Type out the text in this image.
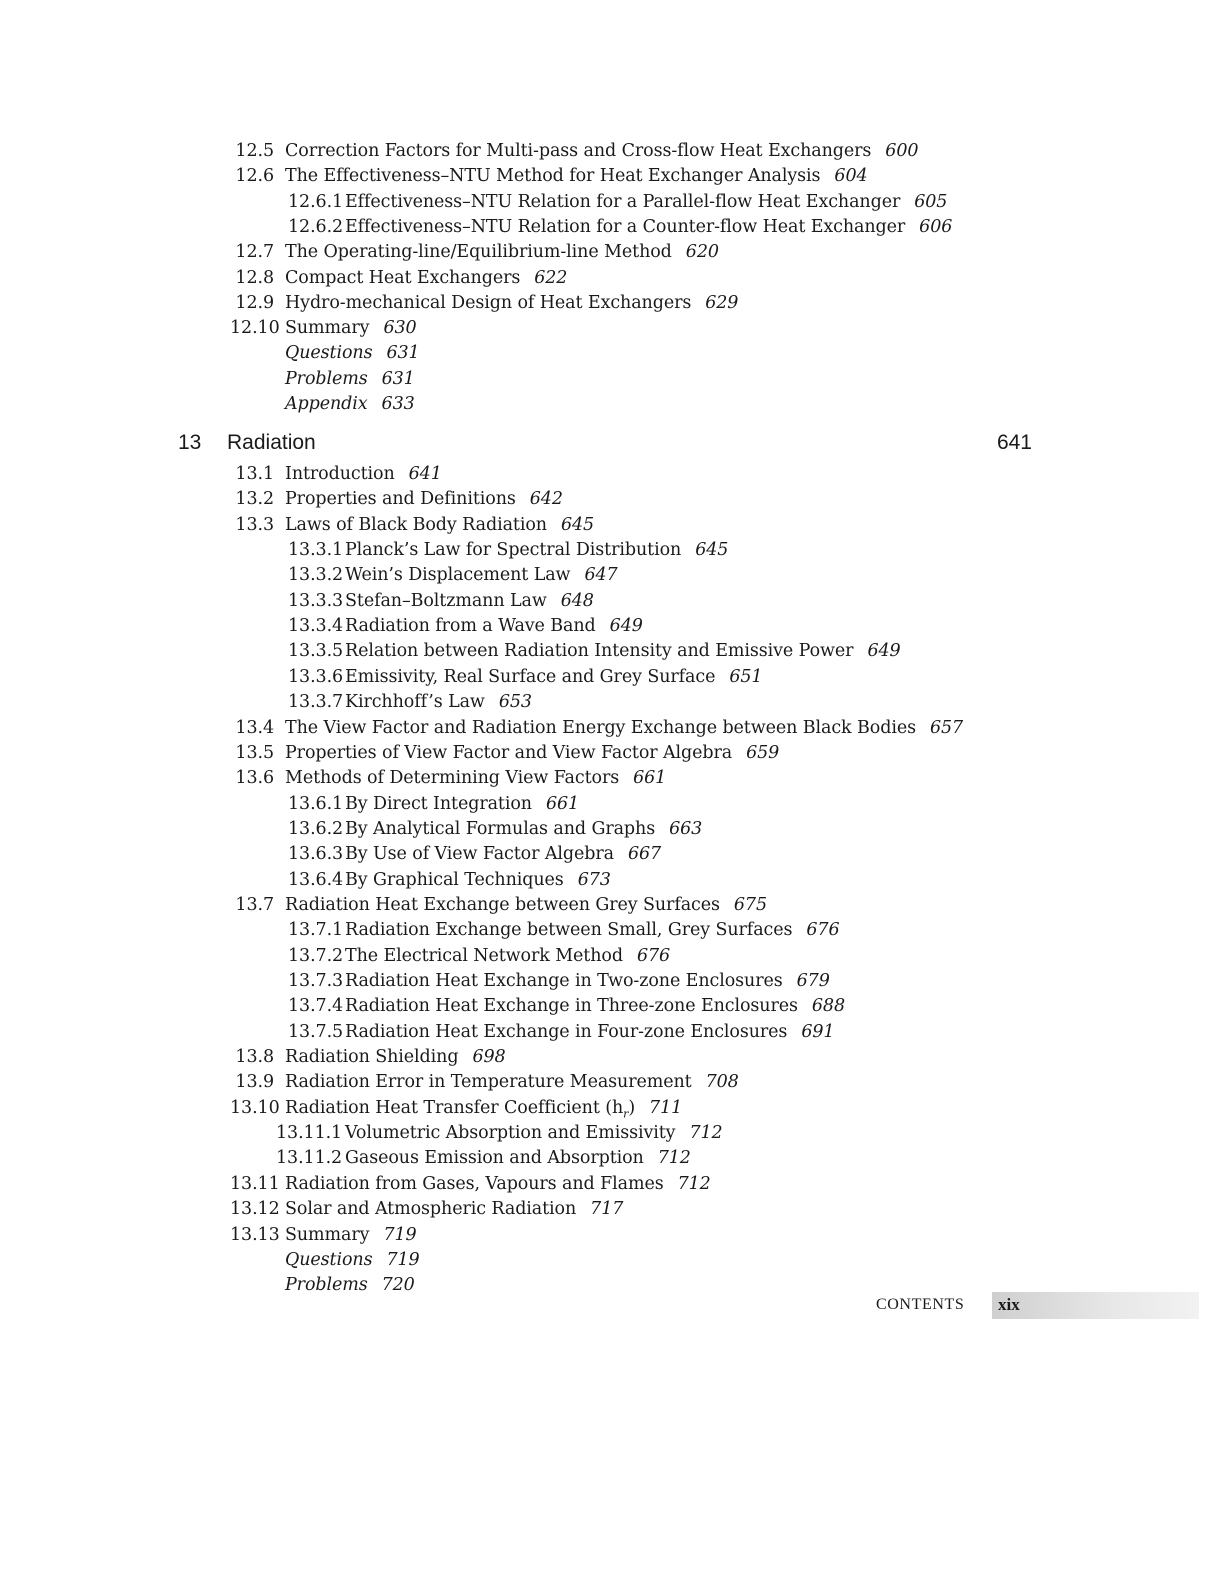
13 Radiation	641
CONTENTS xix
12.5 Correction Factors for Multi-pass and Cross-flow Heat Exchangers 600
12.6 The Effectiveness–NTU Method for Heat Exchanger Analysis 604
12.6.1 Effectiveness–NTU Relation for a Parallel-flow Heat Exchanger 605
12.6.2 Effectiveness–NTU Relation for a Counter-flow Heat Exchanger 606
12.7 The Operating-line/Equilibrium-line Method 620
12.8 Compact Heat Exchangers 622
12.9 Hydro-mechanical Design of Heat Exchangers 629
12.10 Summary 630
Questions 631
Problems 631
Appendix 633
13.1 Introduction 641
13.2 Properties and Definitions 642
13.3 Laws of Black Body Radiation 645
13.3.1 Planck’s Law for Spectral Distribution 645
13.3.2 Wein’s Displacement Law 647
13.3.3 Stefan–Boltzmann Law 648
13.3.4 Radiation from a Wave Band 649
13.3.5 Relation between Radiation Intensity and Emissive Power 649
13.3.6 Emissivity, Real Surface and Grey Surface 651
13.3.7 Kirchhoff’s Law 653
13.4 The View Factor and Radiation Energy Exchange between Black Bodies 657
13.5 Properties of View Factor and View Factor Algebra 659
13.6 Methods of Determining View Factors 661
13.6.1 By Direct Integration 661
13.6.2 By Analytical Formulas and Graphs 663
13.6.3 By Use of View Factor Algebra 667
13.6.4 By Graphical Techniques 673
13.7 Radiation Heat Exchange between Grey Surfaces 675
13.7.1 Radiation Exchange between Small, Grey Surfaces 676
13.7.2 The Electrical Network Method 676
13.7.3 Radiation Heat Exchange in Two-zone Enclosures 679
13.7.4 Radiation Heat Exchange in Three-zone Enclosures 688
13.7.5 Radiation Heat Exchange in Four-zone Enclosures 691
13.8 Radiation Shielding 698
13.9 Radiation Error in Temperature Measurement 708
13.10 Radiation Heat Transfer Coefficient $(h_r)$ 711
13.11.1 Volumetric Absorption and Emissivity 712
13.11.2 Gaseous Emission and Absorption 712
13.11 Radiation from Gases, Vapours and Flames 712
13.12 Solar and Atmospheric Radiation 717
13.13 Summary 719
Questions 719
Problems 720
